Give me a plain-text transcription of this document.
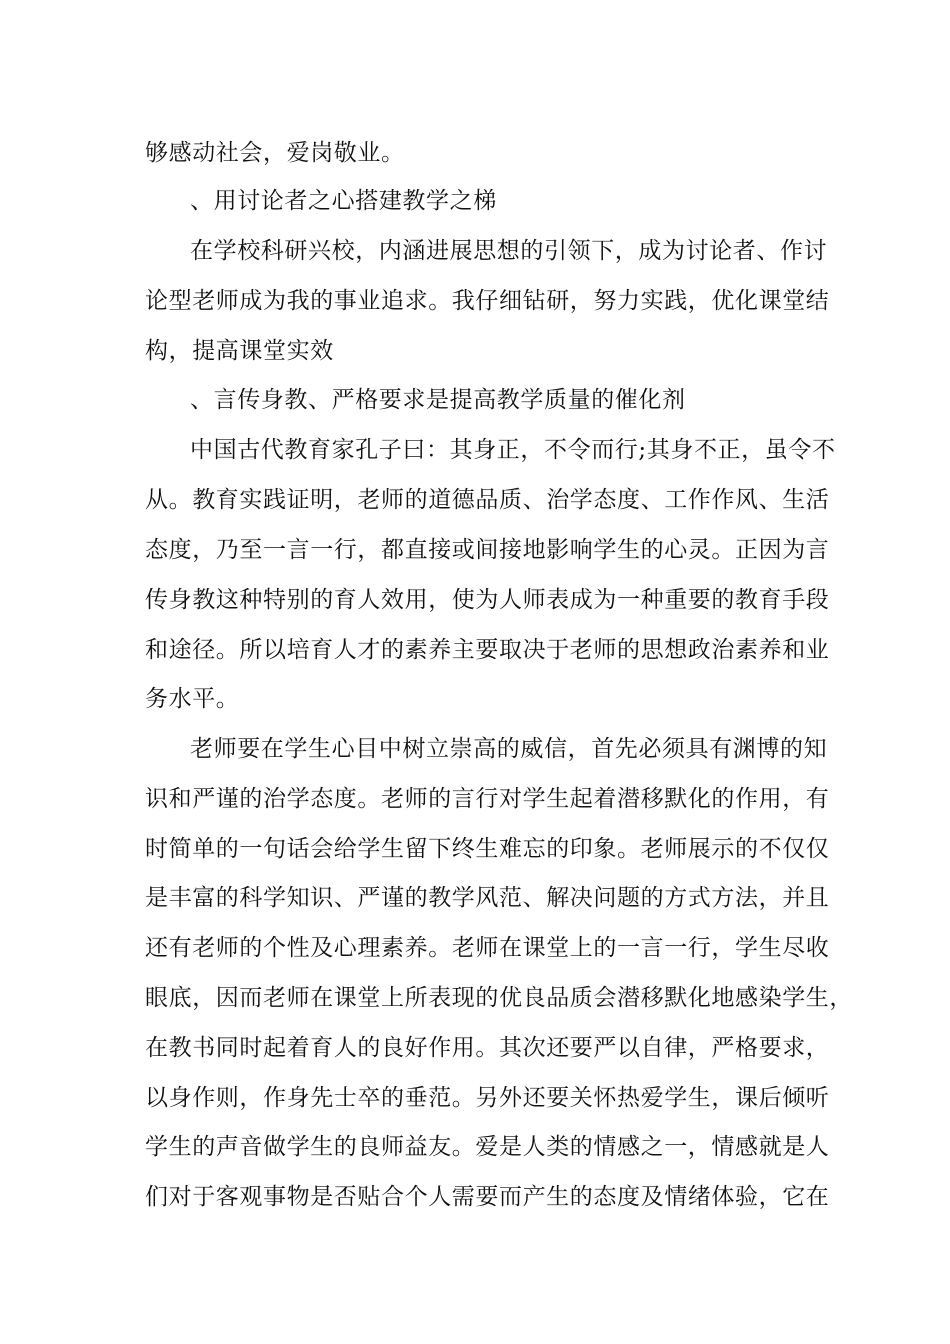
够感动社会，爱岗敬业。
、用讨论者之心搭建教学之梯
在学校科研兴校，内涵进展思想的引领下，成为讨论者、作讨
论型老师成为我的事业追求。我仔细钻研，努力实践，优化课堂结
构，提高课堂实效
、言传身教、严格要求是提高教学质量的催化剂
中国古代教育家孔子曰：其身正，不令而行;其身不正，虽令不
从。教育实践证明，老师的道德品质、治学态度、工作作风、生活
态度，乃至一言一行，都直接或间接地影响学生的心灵。正因为言
传身教这种特别的育人效用，使为人师表成为一种重要的教育手段
和途径。所以培育人才的素养主要取决于老师的思想政治素养和业
务水平。
老师要在学生心目中树立崇高的威信，首先必须具有渊博的知
识和严谨的治学态度。老师的言行对学生起着潜移默化的作用，有
时简单的一句话会给学生留下终生难忘的印象。老师展示的不仅仅
是丰富的科学知识、严谨的教学风范、解决问题的方式方法，并且
还有老师的个性及心理素养。老师在课堂上的一言一行，学生尽收
眼底，因而老师在课堂上所表现的优良品质会潜移默化地感染学生，
在教书同时起着育人的良好作用。其次还要严以自律，严格要求，
以身作则，作身先士卒的垂范。另外还要关怀热爱学生，课后倾听
学生的声音做学生的良师益友。爱是人类的情感之一，情感就是人
们对于客观事物是否贴合个人需要而产生的态度及情绪体验，它在
